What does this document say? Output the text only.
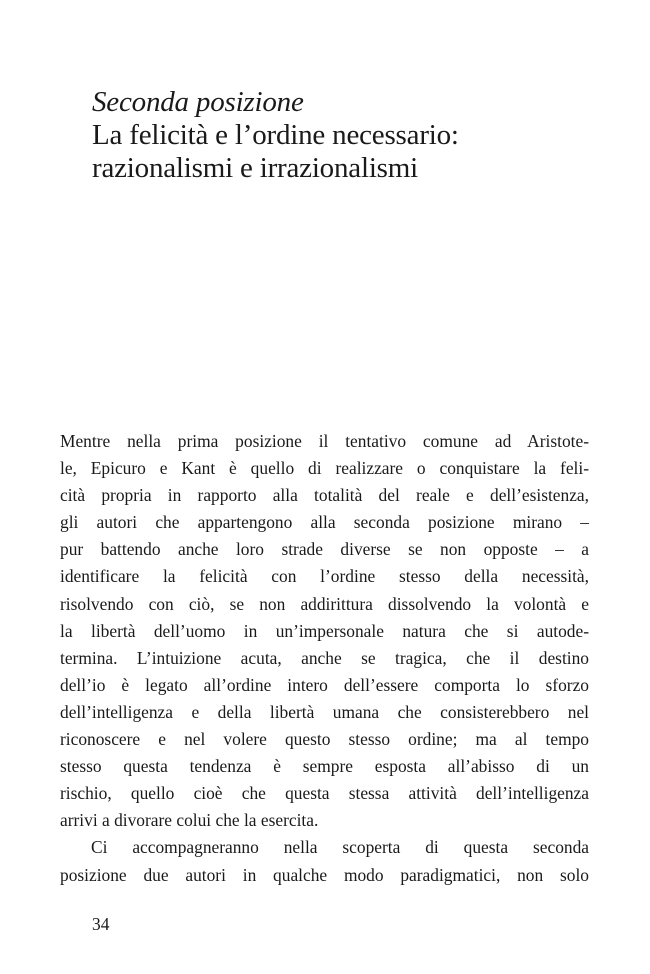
Seconda posizione
La felicità e l’ordine necessario:
razionalismi e irrazionalismi
Mentre nella prima posizione il tentativo comune ad Aristote-
le, Epicuro e Kant è quello di realizzare o conquistare la feli-
cità propria in rapporto alla totalità del reale e dell’esistenza,
gli autori che appartengono alla seconda posizione mirano –
pur battendo anche loro strade diverse se non opposte – a
identificare la felicità con l’ordine stesso della necessità,
risolvendo con ciò, se non addirittura dissolvendo la volontà e
la libertà dell’uomo in un’impersonale natura che si autode-
termina. L’intuizione acuta, anche se tragica, che il destino
dell’io è legato all’ordine intero dell’essere comporta lo sforzo
dell’intelligenza e della libertà umana che consisterebbero nel
riconoscere e nel volere questo stesso ordine; ma al tempo
stesso questa tendenza è sempre esposta all’abisso di un
rischio, quello cioè che questa stessa attività dell’intelligenza
arrivi a divorare colui che la esercita.
Ci accompagneranno nella scoperta di questa seconda
posizione due autori in qualche modo paradigmatici, non solo
34
